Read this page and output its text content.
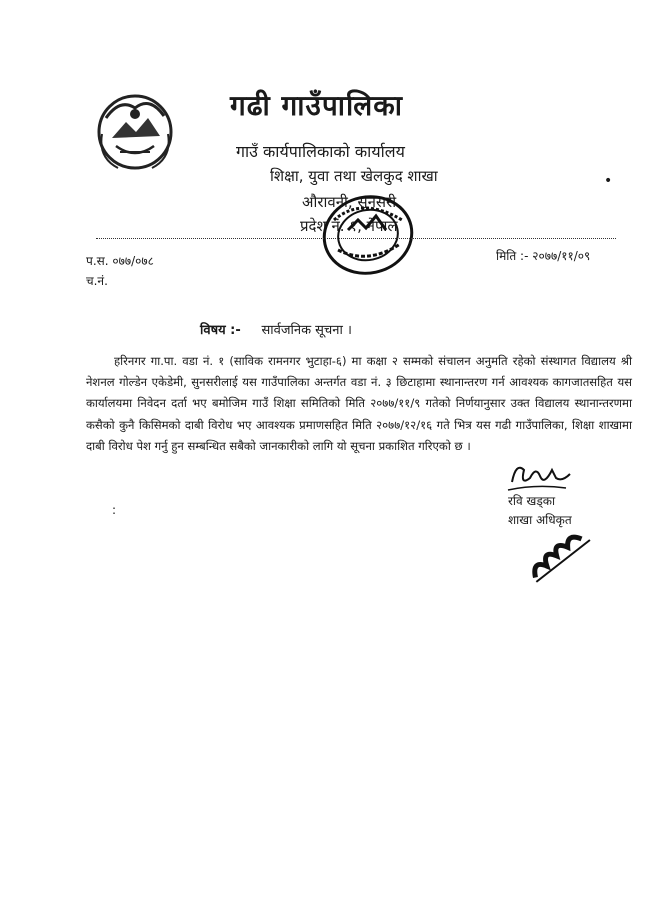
गढी गाउँपालिका
गाउँ कार्यपालिकाको कार्यालय
शिक्षा, युवा तथा खेलकुद शाखा
औरावनी, सुनसरी
प्रदेश नं. १, नेपाल
प.स. ०७७/०७८
च.नं.
मिति :- २०७७/११/०९
विषय :- सार्वजनिक सूचना ।

हरिनगर गा.पा. वडा नं. १ (साविक रामनगर भुटाहा-६) मा कक्षा २ सम्मको संचालन अनुमति रहेको संस्थागत विद्यालय श्री नेशनल गोल्डेन एकेडेमी, सुनसरीलाई यस गाउँपालिका अन्तर्गत वडा नं. ३ छिटाहामा स्थानान्तरण गर्न आवश्यक कागजातसहित यस कार्यालयमा निवेदन दर्ता भए बमोजिम गाउँ शिक्षा समितिको मिति २०७७/११/९ गतेको निर्णयानुसार उक्त विद्यालय स्थानान्तरणमा कसैको कुनै किसिमको दाबी विरोध भए आवश्यक प्रमाणसहित मिति २०७७/१२/१६ गते भित्र यस गढी गाउँपालिका, शिक्षा शाखामा दाबी विरोध पेश गर्नु हुन सम्बन्धित सबैको जानकारीको लागि यो सूचना प्रकाशित गरिएको छ ।

:
•
रवि खड्का
शाखा अधिकृत
